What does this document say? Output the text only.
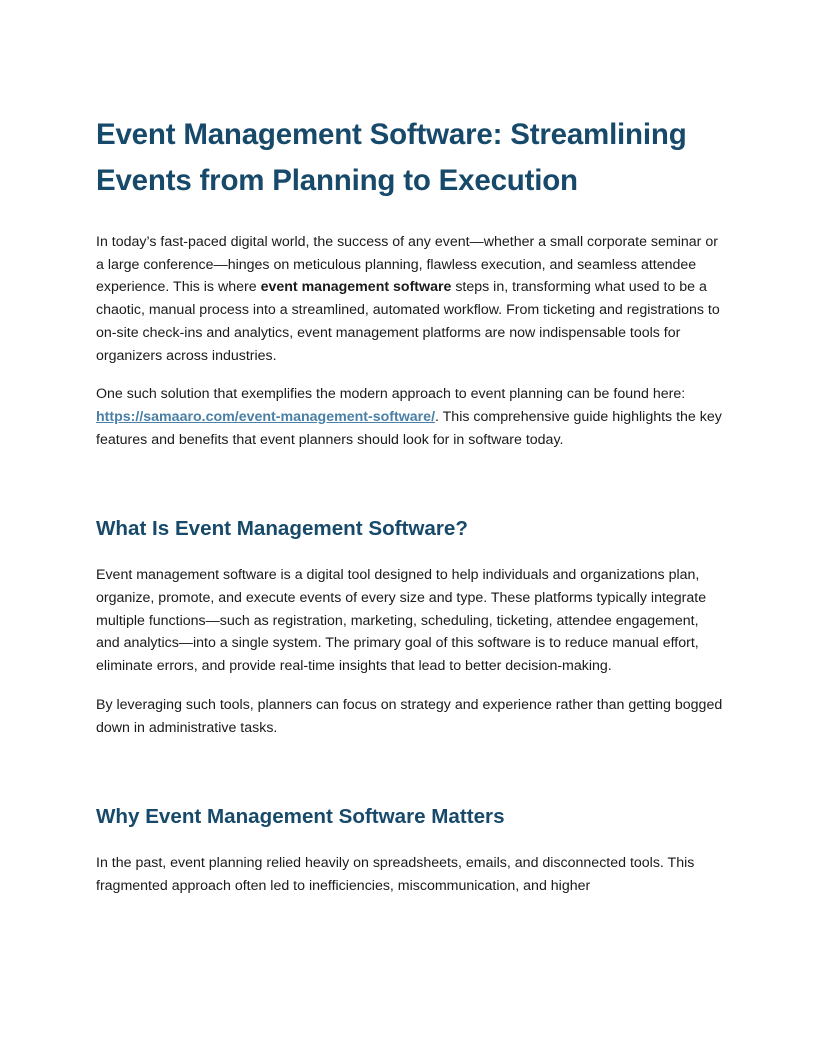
Event Management Software: Streamlining
Events from Planning to Execution

In today’s fast-paced digital world, the success of any event—whether a small corporate seminar or a large conference—hinges on meticulous planning, flawless execution, and seamless attendee experience. This is where event management software steps in, transforming what used to be a chaotic, manual process into a streamlined, automated workflow. From ticketing and registrations to on-site check-ins and analytics, event management platforms are now indispensable tools for organizers across industries.

One such solution that exemplifies the modern approach to event planning can be found here: https://samaaro.com/event-management-software/. This comprehensive guide highlights the key features and benefits that event planners should look for in software today.

What Is Event Management Software?

Event management software is a digital tool designed to help individuals and organizations plan, organize, promote, and execute events of every size and type. These platforms typically integrate multiple functions—such as registration, marketing, scheduling, ticketing, attendee engagement, and analytics—into a single system. The primary goal of this software is to reduce manual effort, eliminate errors, and provide real-time insights that lead to better decision-making.

By leveraging such tools, planners can focus on strategy and experience rather than getting bogged down in administrative tasks.

Why Event Management Software Matters

In the past, event planning relied heavily on spreadsheets, emails, and disconnected tools. This fragmented approach often led to inefficiencies, miscommunication, and higher
